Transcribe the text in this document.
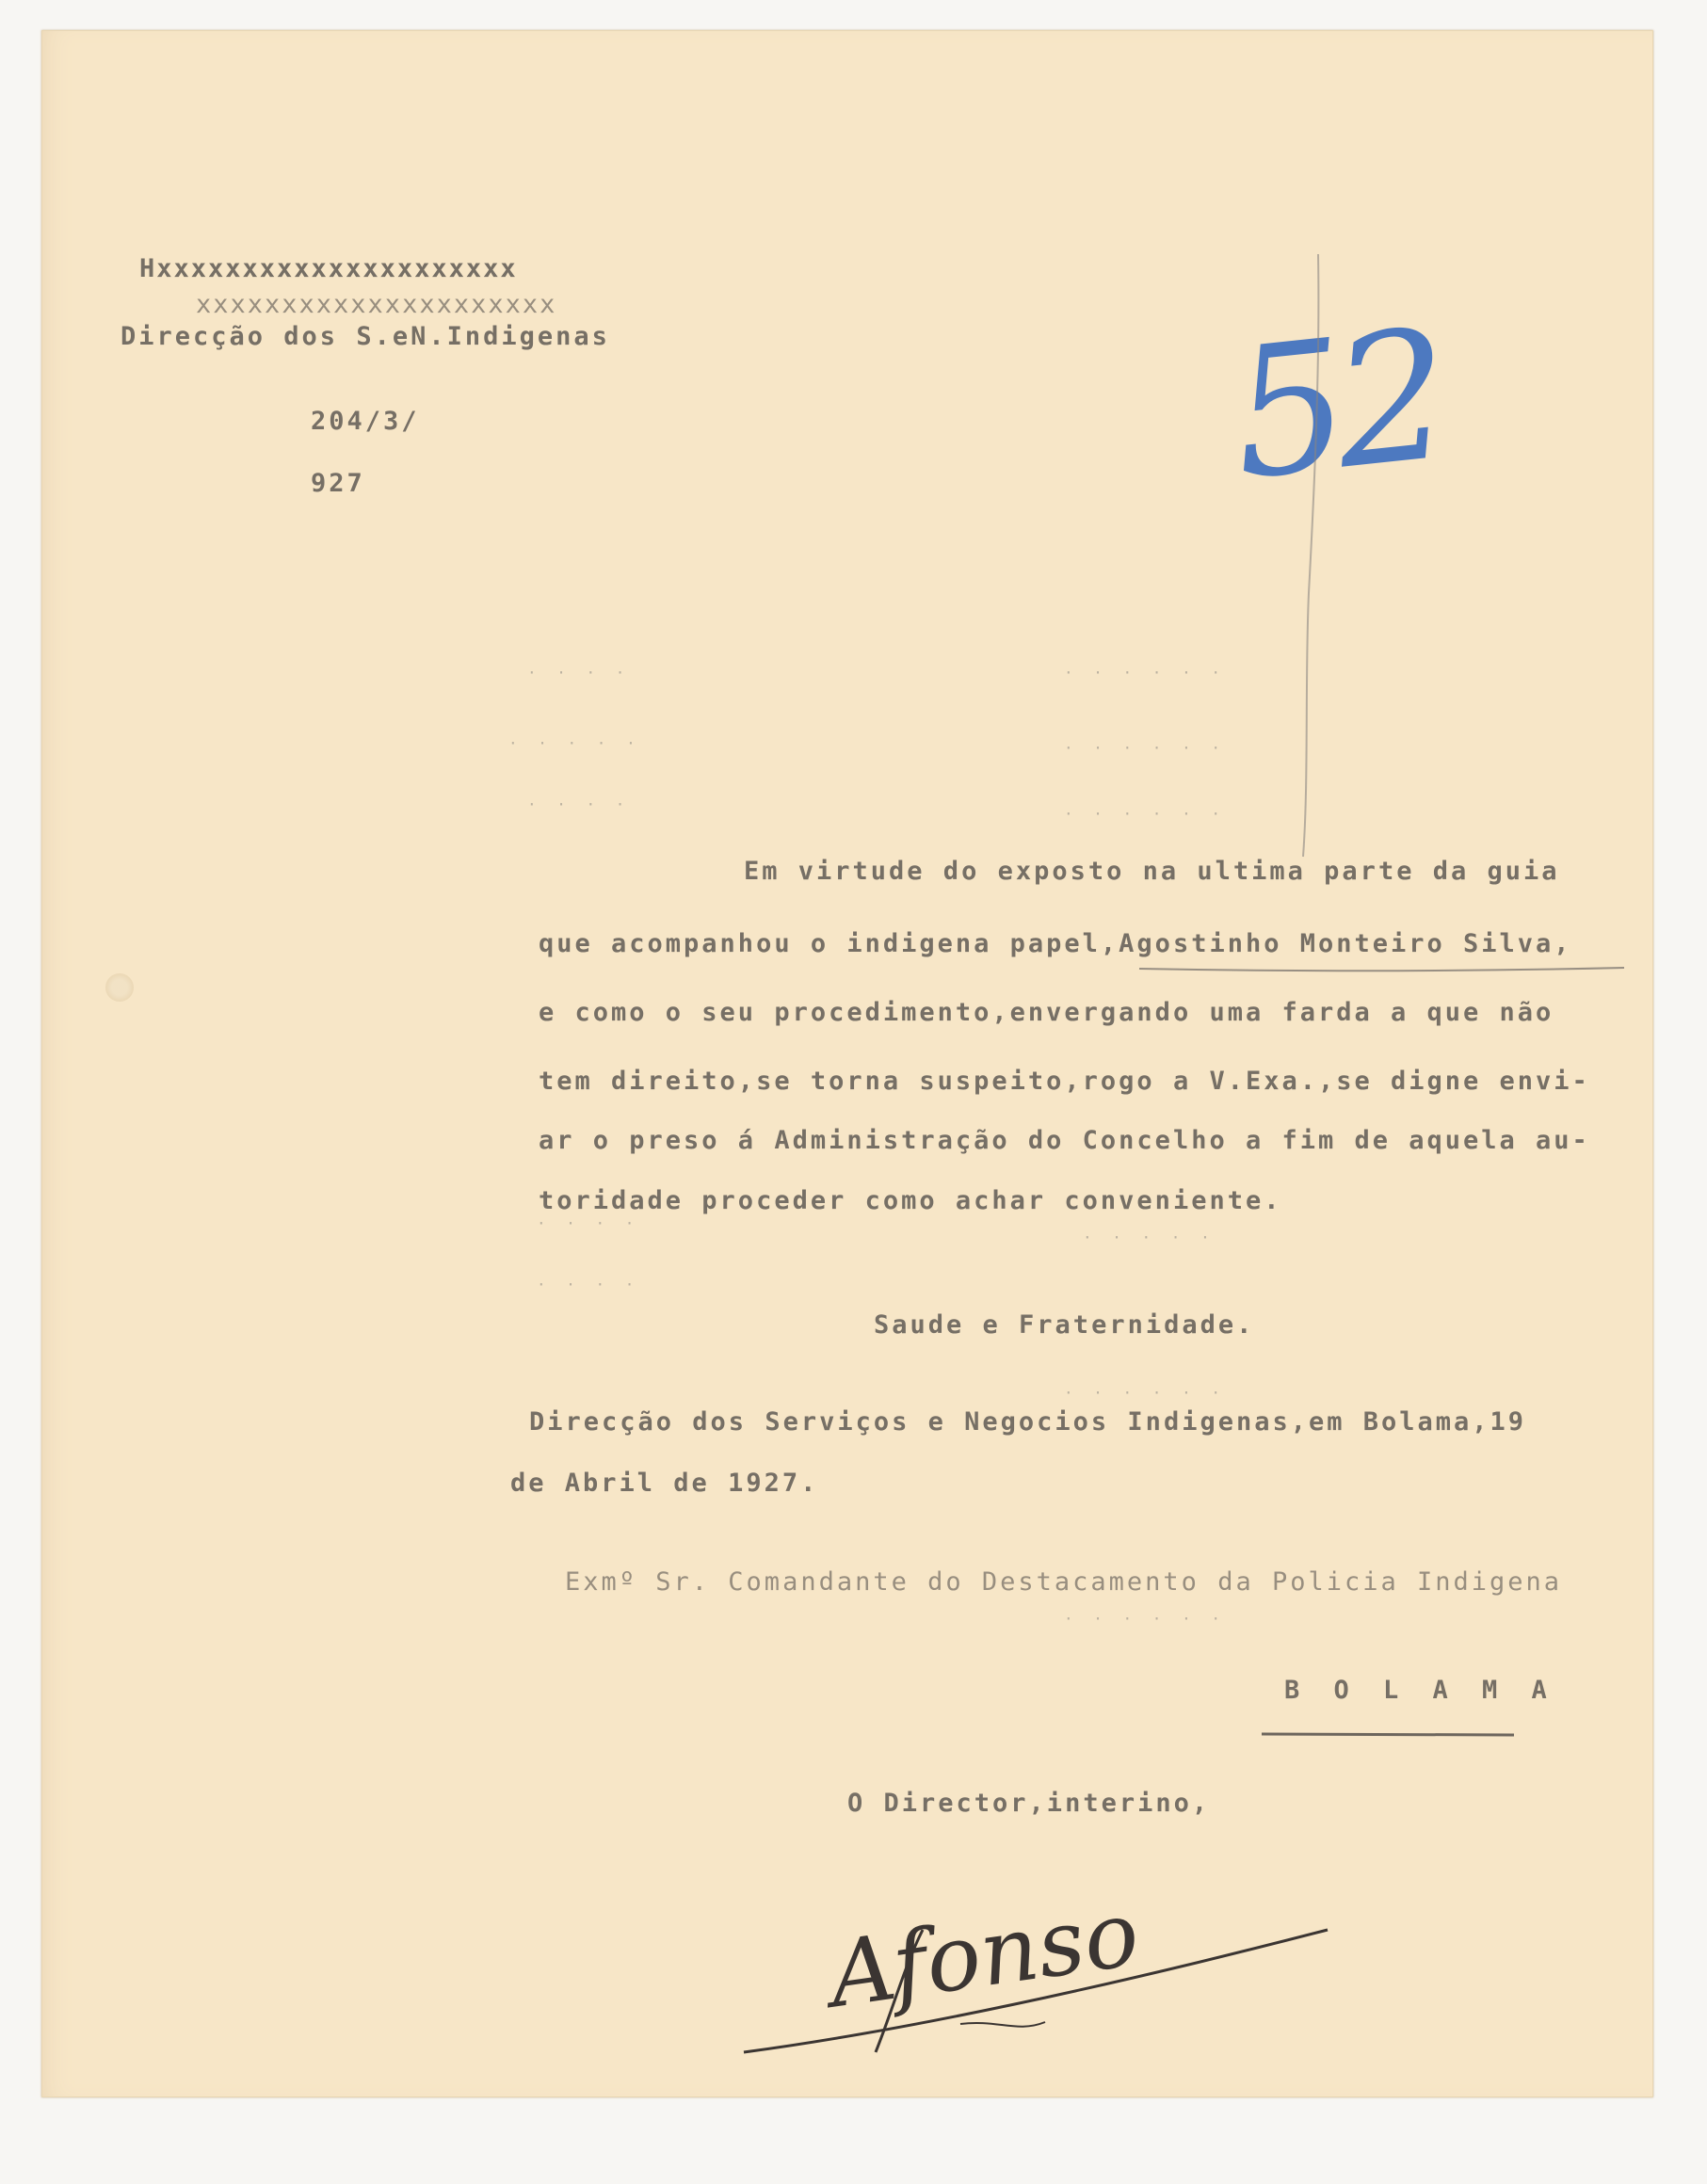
Hxxxxxxxxxxxxxxxxxxxxx
xxxxxxxxxxxxxxxxxxxxx
Direcção dos S.eN.Indigenas
204/3/
927	52
· · · · · ·
· · · · · ·
· · · · · ·
· · · ·
· · · · ·
· · · ·
· · · ·
· · · ·
· · · · ·
· · · · · ·
· · · · · ·
Em virtude do exposto na ultima parte da guia
que acompanhou o indigena papel,Agostinho Monteiro Silva,
e como o seu procedimento,envergando uma farda a que não
tem direito,se torna suspeito,rogo a V.Exa.,se digne envi-
ar o preso á Administração do Concelho a fim de aquela au-
toridade proceder como achar conveniente.
Saude e Fraternidade.
Direcção dos Serviços e Negocios Indigenas,em Bolama,19
de Abril de 1927.
Exmº Sr. Comandante do Destacamento da Policia Indigena
B O L A M A
O Director,interino,
Afonso
